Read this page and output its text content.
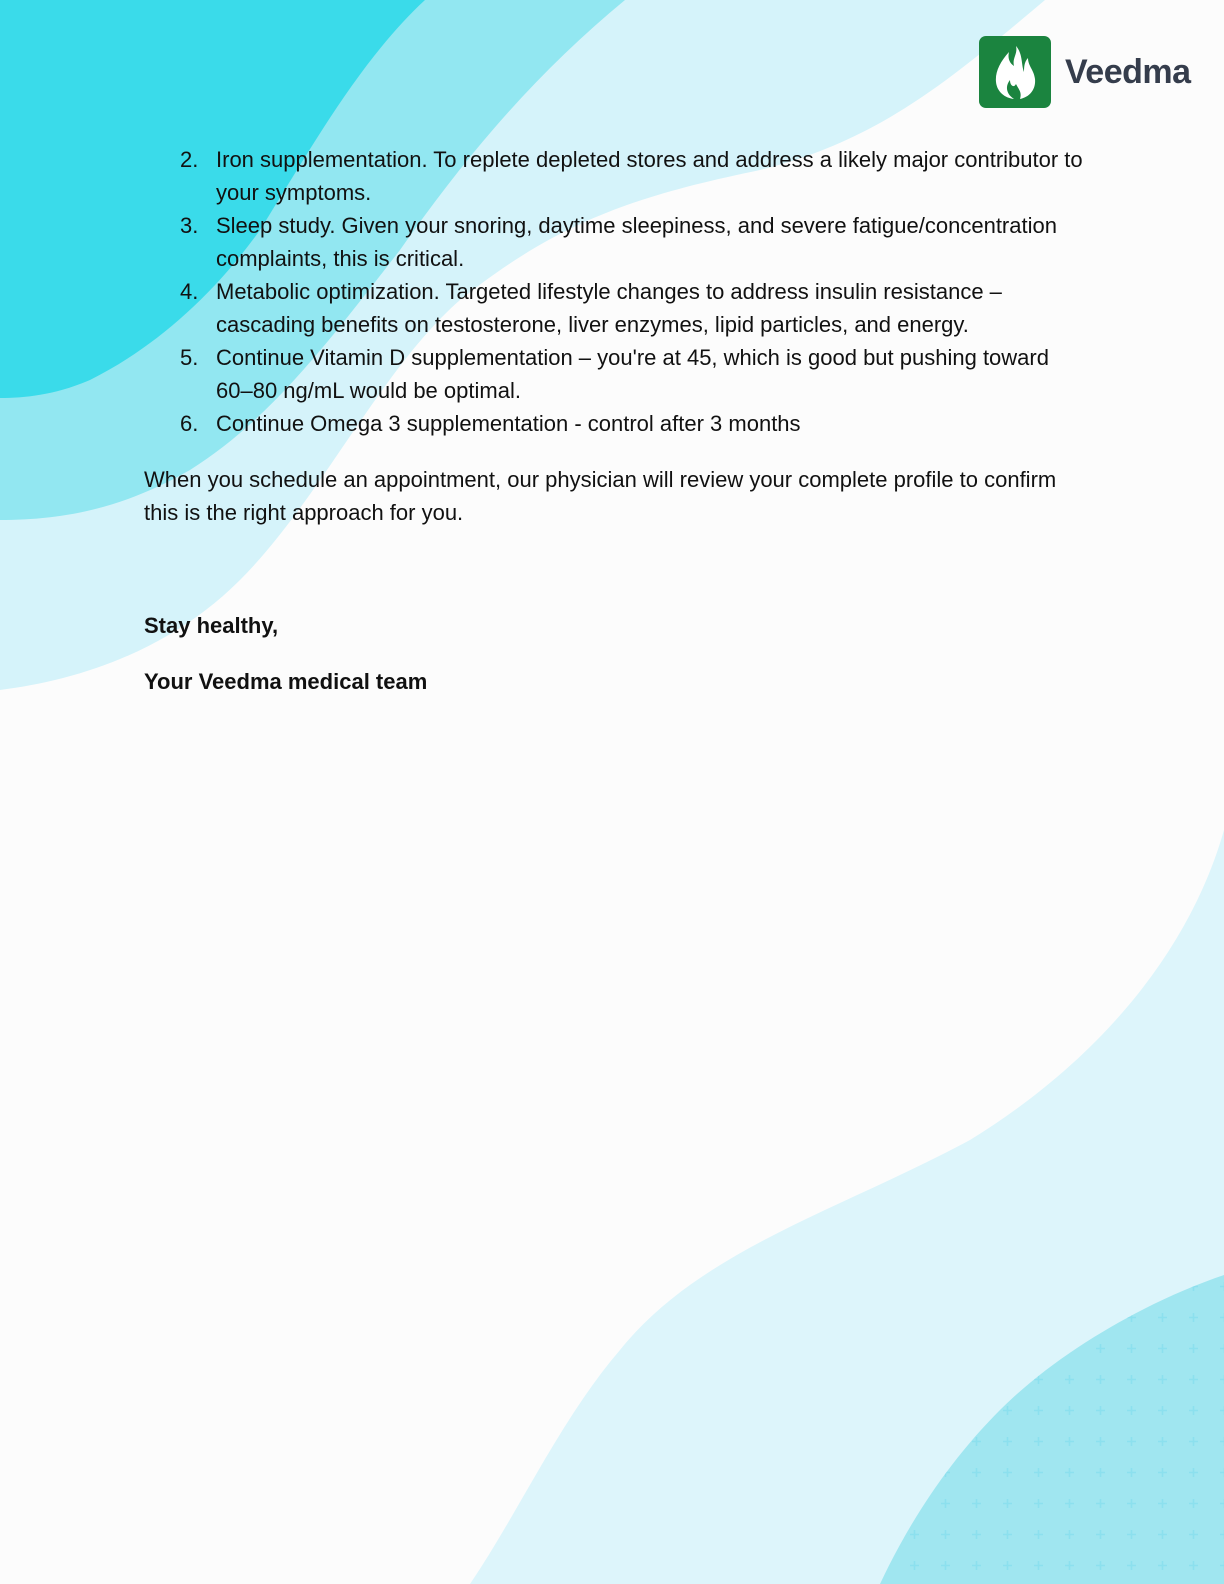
Veedma
2. Iron supplementation. To replete depleted stores and address a likely major contributor to your symptoms.
3. Sleep study. Given your snoring, daytime sleepiness, and severe fatigue/concentration complaints, this is critical.
4. Metabolic optimization. Targeted lifestyle changes to address insulin resistance – cascading benefits on testosterone, liver enzymes, lipid particles, and energy.
5. Continue Vitamin D supplementation – you're at 45, which is good but pushing toward 60–80 ng/mL would be optimal.
6. Continue Omega 3 supplementation - control after 3 months

When you schedule an appointment, our physician will review your complete profile to confirm this is the right approach for you.

Stay healthy,
Your Veedma medical team
